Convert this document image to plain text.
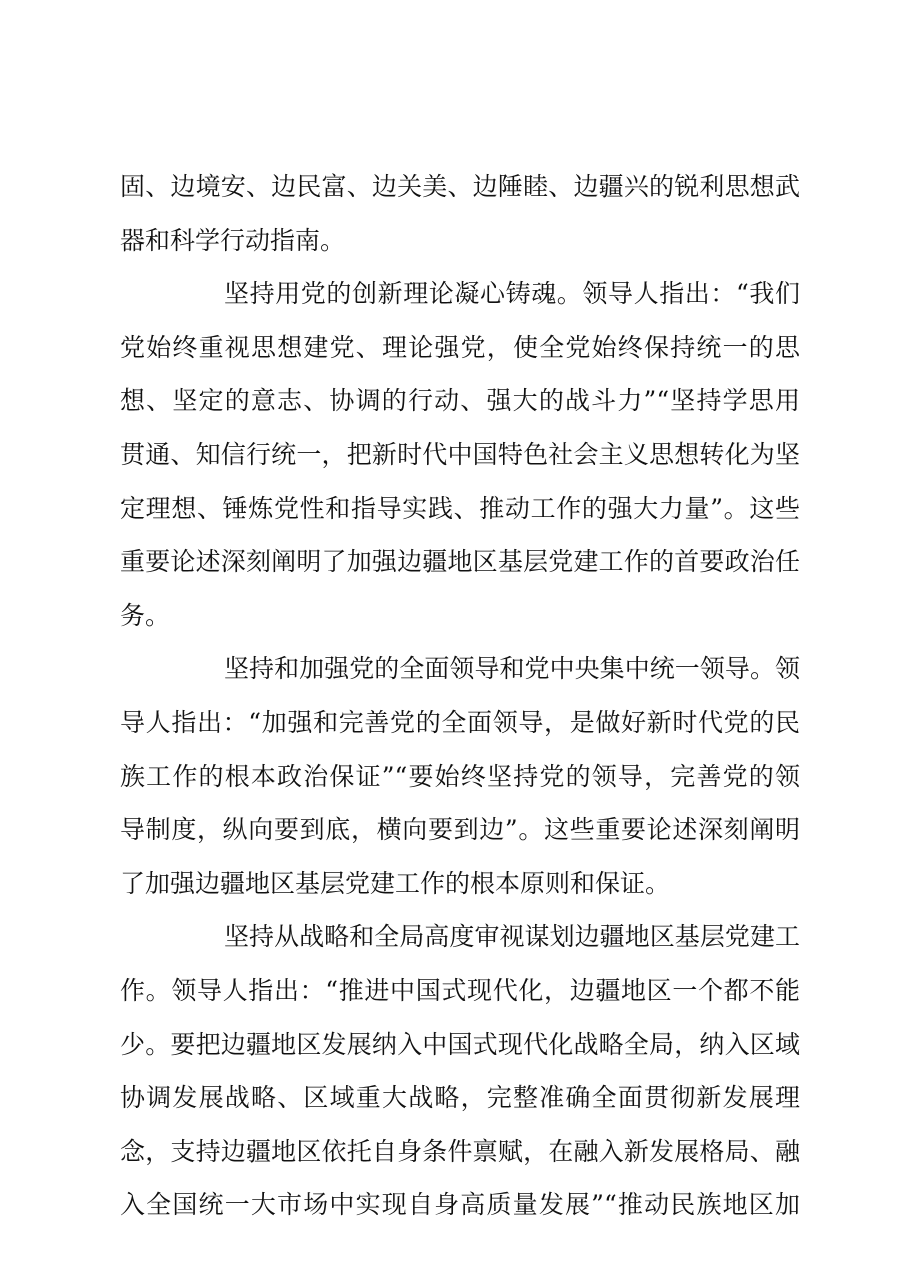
固、边境安、边民富、边关美、边陲睦、边疆兴的锐利思想武
器和科学行动指南。
坚持用党的创新理论凝心铸魂。领导人指出：“我们
党始终重视思想建党、理论强党，使全党始终保持统一的思
想、坚定的意志、协调的行动、强大的战斗力”“坚持学思用
贯通、知信行统一，把新时代中国特色社会主义思想转化为坚
定理想、锤炼党性和指导实践、推动工作的强大力量”。这些
重要论述深刻阐明了加强边疆地区基层党建工作的首要政治任
务。
坚持和加强党的全面领导和党中央集中统一领导。领
导人指出：“加强和完善党的全面领导，是做好新时代党的民
族工作的根本政治保证”“要始终坚持党的领导，完善党的领
导制度，纵向要到底，横向要到边”。这些重要论述深刻阐明
了加强边疆地区基层党建工作的根本原则和保证。
坚持从战略和全局高度审视谋划边疆地区基层党建工
作。领导人指出：“推进中国式现代化，边疆地区一个都不能
少。要把边疆地区发展纳入中国式现代化战略全局，纳入区域
协调发展战略、区域重大战略，完整准确全面贯彻新发展理
念，支持边疆地区依托自身条件禀赋，在融入新发展格局、融
入全国统一大市场中实现自身高质量发展”“推动民族地区加
